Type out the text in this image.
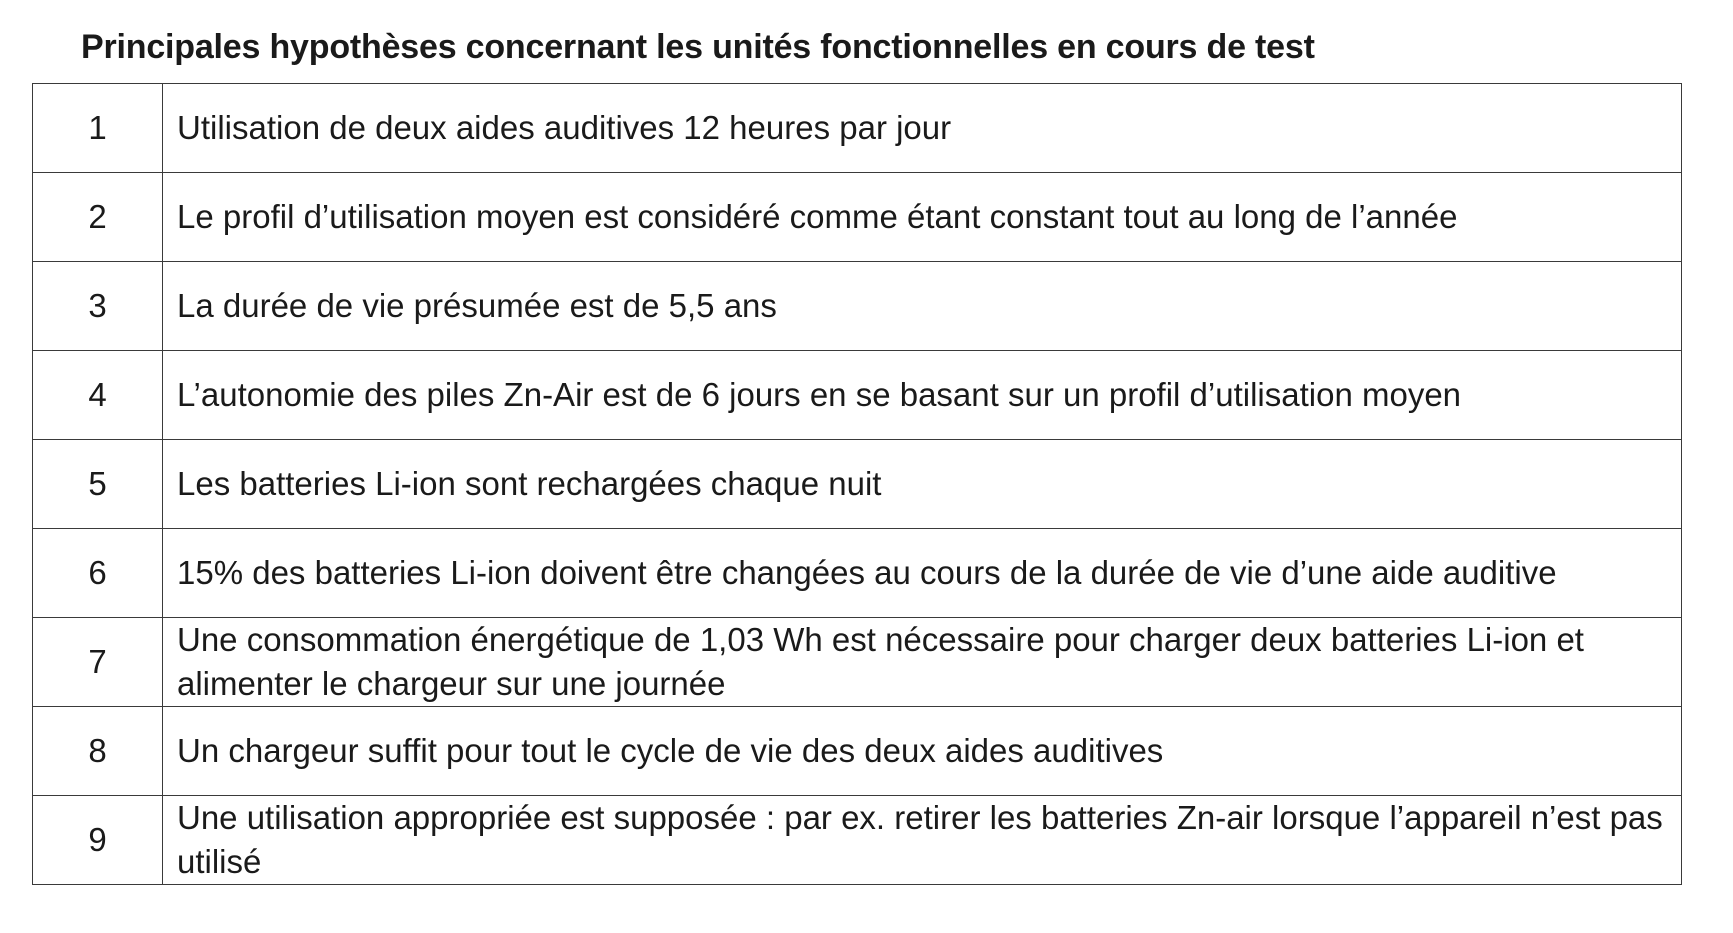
Principales hypothèses concernant les unités fonctionnelles en cours de test
1	Utilisation de deux aides auditives 12 heures par jour
2	Le profil d’utilisation moyen est considéré comme étant constant tout au long de l’année
3	La durée de vie présumée est de 5,5 ans
4	L’autonomie des piles Zn-Air est de 6 jours en se basant sur un profil d’utilisation moyen
5	Les batteries Li-ion sont rechargées chaque nuit
6	15% des batteries Li-ion doivent être changées au cours de la durée de vie d’une aide auditive
7	Une consommation énergétique de 1,03 Wh est nécessaire pour charger deux batteries Li-ion et alimenter le chargeur sur une journée
8	Un chargeur suffit pour tout le cycle de vie des deux aides auditives
9	Une utilisation appropriée est supposée : par ex. retirer les batteries Zn-air lorsque l’appareil n’est pas utilisé
